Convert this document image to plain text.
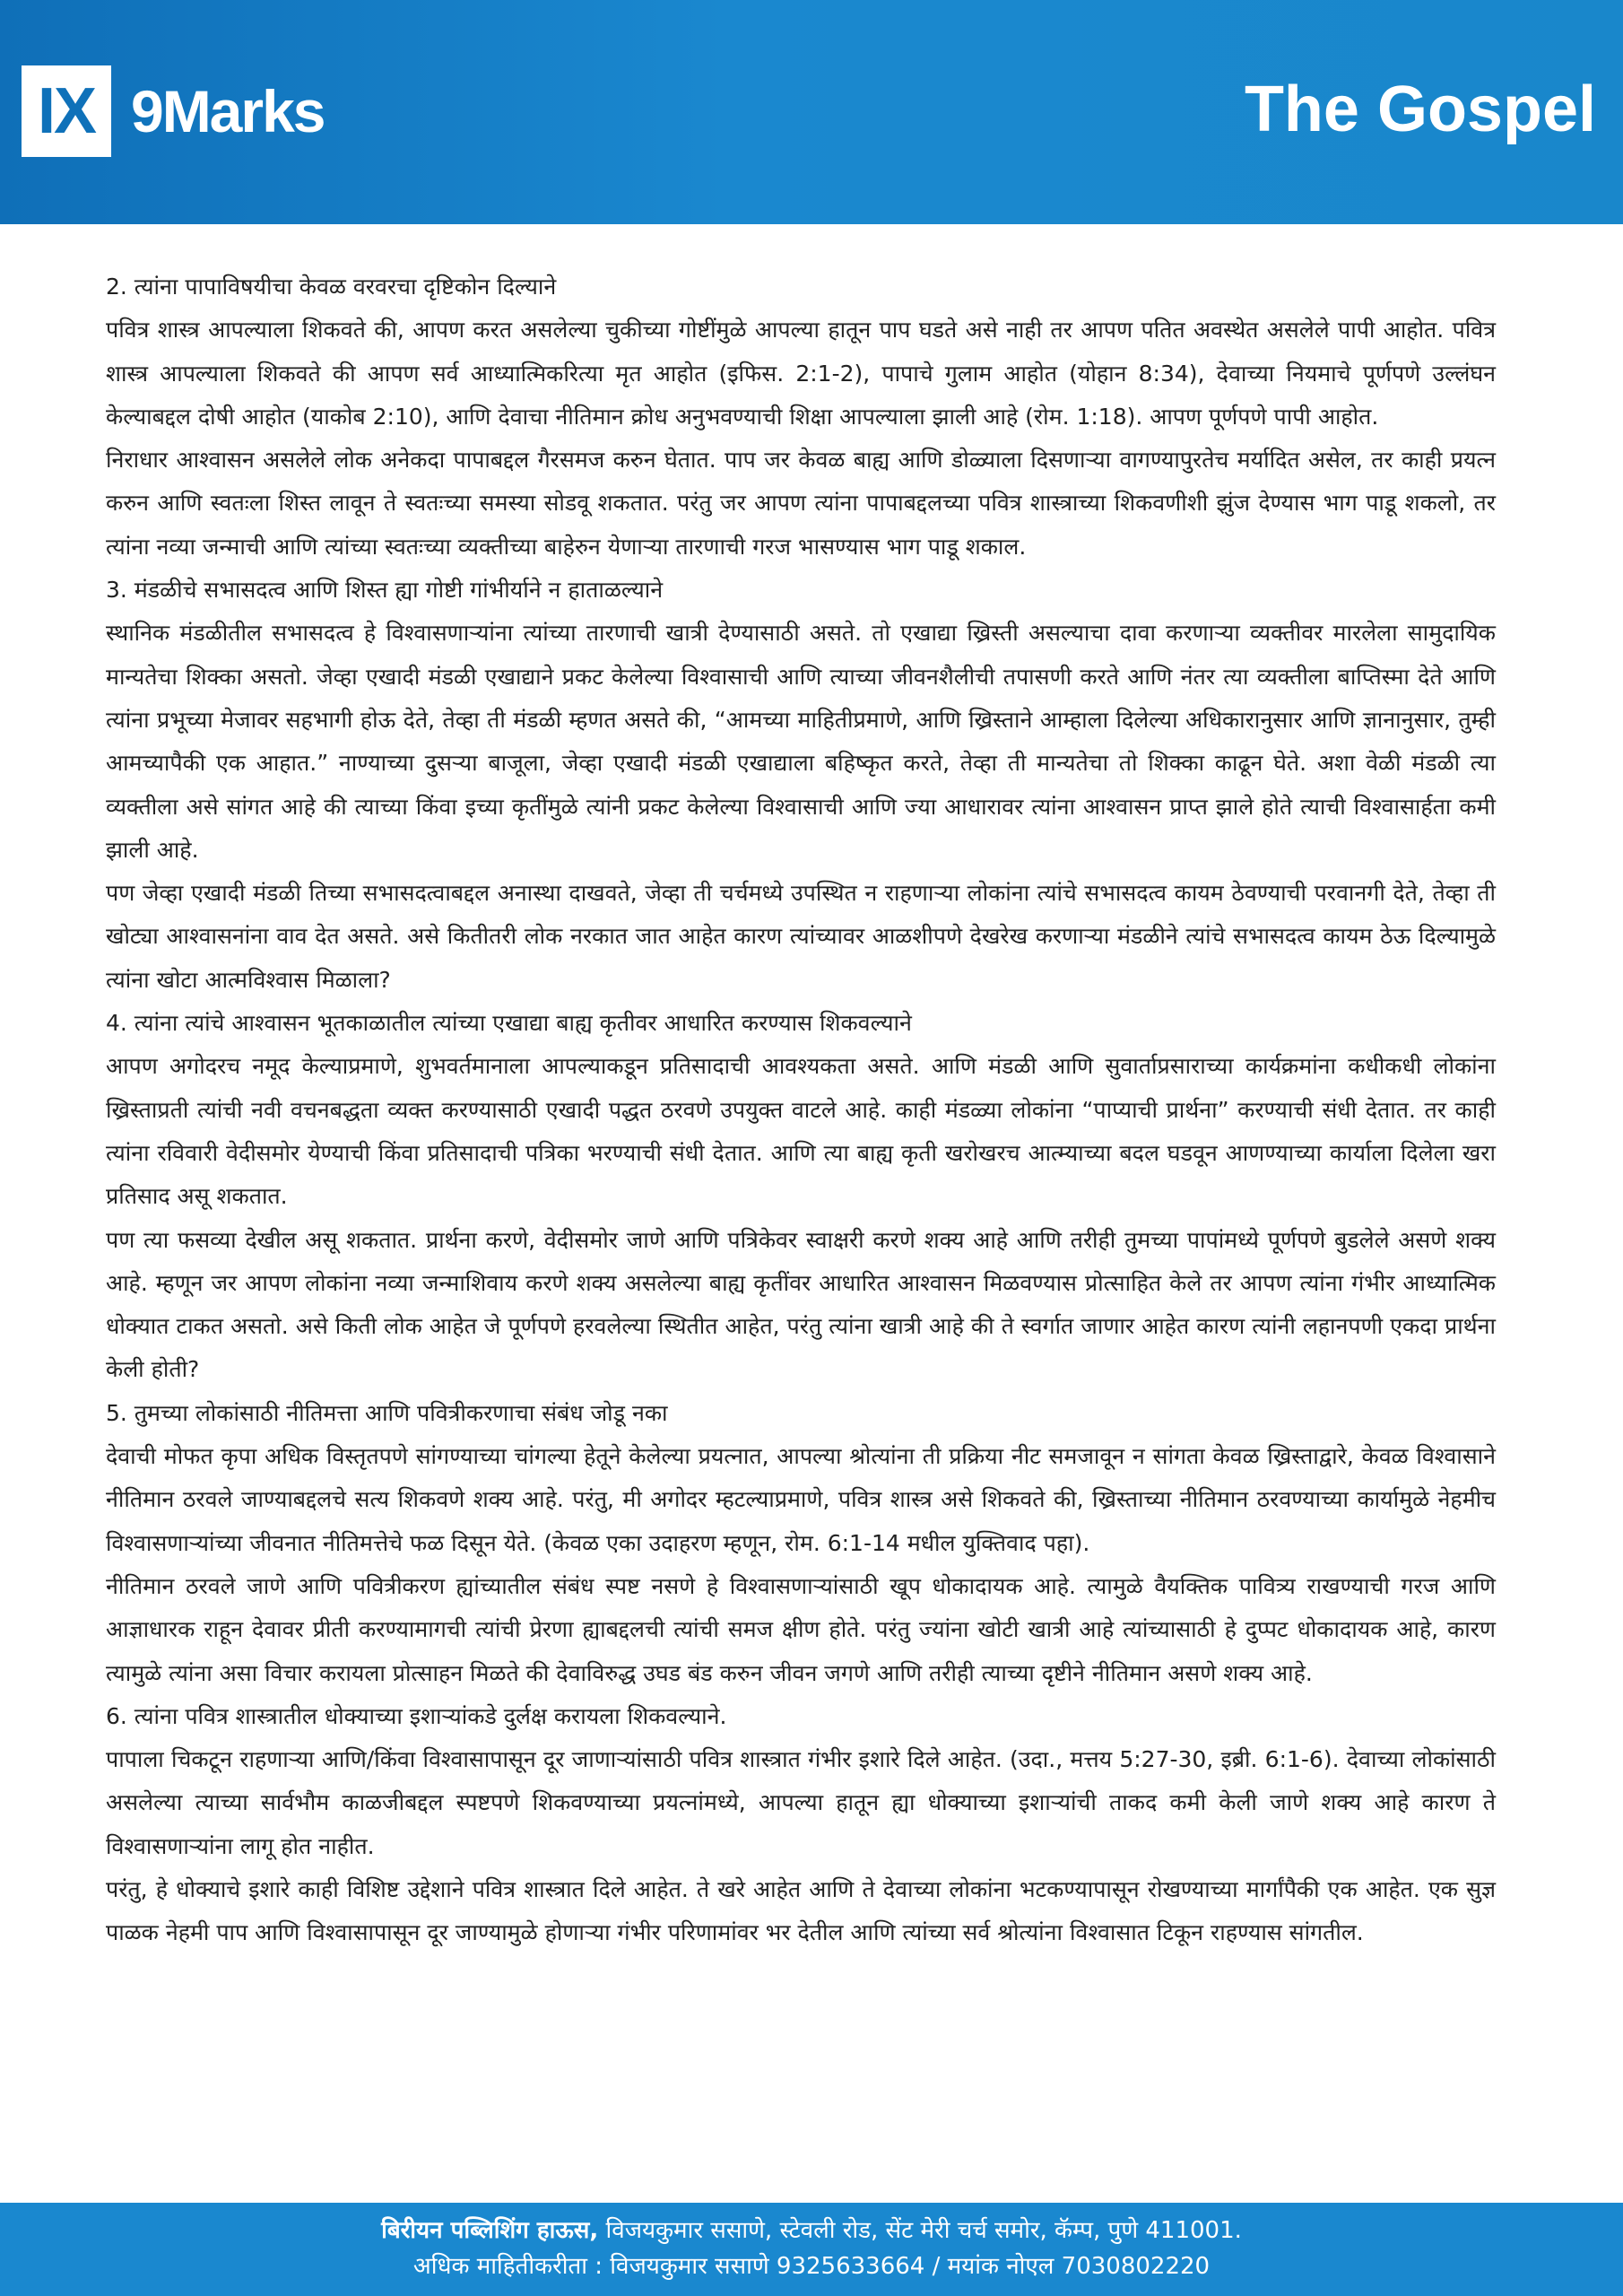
IX 9Marks	The Gospel
2. त्यांना पापाविषयीचा केवळ वरवरचा दृष्टिकोन दिल्याने

पवित्र शास्त्र आपल्याला शिकवते की, आपण करत असलेल्या चुकीच्या गोष्टींमुळे आपल्या हातून पाप घडते असे नाही तर आपण पतित अवस्थेत असलेले पापी आहोत. पवित्र शास्त्र आपल्याला शिकवते की आपण सर्व आध्यात्मिकरित्या मृत आहोत (इफिस. 2:1-2), पापाचे गुलाम आहोत (योहान 8:34), देवाच्या नियमाचे पूर्णपणे उल्लंघन केल्याबद्दल दोषी आहोत (याकोब 2:10), आणि देवाचा नीतिमान क्रोध अनुभवण्याची शिक्षा आपल्याला झाली आहे (रोम. 1:18). आपण पूर्णपणे पापी आहोत.

निराधार आश्वासन असलेले लोक अनेकदा पापाबद्दल गैरसमज करुन घेतात. पाप जर केवळ बाह्य आणि डोळ्याला दिसणाऱ्या वागण्यापुरतेच मर्यादित असेल, तर काही प्रयत्न करुन आणि स्वतःला शिस्त लावून ते स्वतःच्या समस्या सोडवू शकतात. परंतु जर आपण त्यांना पापाबद्दलच्या पवित्र शास्त्राच्या शिकवणीशी झुंज देण्यास भाग पाडू शकलो, तर त्यांना नव्या जन्माची आणि त्यांच्या स्वतःच्या व्यक्तीच्या बाहेरुन येणाऱ्या तारणाची गरज भासण्यास भाग पाडू शकाल.

3. मंडळीचे सभासदत्व आणि शिस्त ह्या गोष्टी गांभीर्याने न हाताळल्याने

स्थानिक मंडळीतील सभासदत्व हे विश्वासणाऱ्यांना त्यांच्या तारणाची खात्री देण्यासाठी असते. तो एखाद्या ख्रिस्ती असल्याचा दावा करणाऱ्या व्यक्तीवर मारलेला सामुदायिक मान्यतेचा शिक्का असतो. जेव्हा एखादी मंडळी एखाद्याने प्रकट केलेल्या विश्वासाची आणि त्याच्या जीवनशैलीची तपासणी करते आणि नंतर त्या व्यक्तीला बाप्तिस्मा देते आणि त्यांना प्रभूच्या मेजावर सहभागी होऊ देते, तेव्हा ती मंडळी म्हणत असते की, “आमच्या माहितीप्रमाणे, आणि ख्रिस्ताने आम्हाला दिलेल्या अधिकारानुसार आणि ज्ञानानुसार, तुम्ही आमच्यापैकी एक आहात.” नाण्याच्या दुसऱ्या बाजूला, जेव्हा एखादी मंडळी एखाद्याला बहिष्कृत करते, तेव्हा ती मान्यतेचा तो शिक्का काढून घेते. अशा वेळी मंडळी त्या व्यक्तीला असे सांगत आहे की त्याच्या किंवा इच्या कृतींमुळे त्यांनी प्रकट केलेल्या विश्वासाची आणि ज्या आधारावर त्यांना आश्वासन प्राप्त झाले होते त्याची विश्वासार्हता कमी झाली आहे.

पण जेव्हा एखादी मंडळी तिच्या सभासदत्वाबद्दल अनास्था दाखवते, जेव्हा ती चर्चमध्ये उपस्थित न राहणाऱ्या लोकांना त्यांचे सभासदत्व कायम ठेवण्याची परवानगी देते, तेव्हा ती खोट्या आश्वासनांना वाव देत असते. असे कितीतरी लोक नरकात जात आहेत कारण त्यांच्यावर आळशीपणे देखरेख करणाऱ्या मंडळीने त्यांचे सभासदत्व कायम ठेऊ दिल्यामुळे त्यांना खोटा आत्मविश्वास मिळाला?

4. त्यांना त्यांचे आश्वासन भूतकाळातील त्यांच्या एखाद्या बाह्य कृतीवर आधारित करण्यास शिकवल्याने

आपण अगोदरच नमूद केल्याप्रमाणे, शुभवर्तमानाला आपल्याकडून प्रतिसादाची आवश्यकता असते. आणि मंडळी आणि सुवार्ताप्रसाराच्या कार्यक्रमांना कधीकधी लोकांना ख्रिस्ताप्रती त्यांची नवी वचनबद्धता व्यक्त करण्यासाठी एखादी पद्धत ठरवणे उपयुक्त वाटले आहे. काही मंडळ्या लोकांना “पाप्याची प्रार्थना” करण्याची संधी देतात. तर काही त्यांना रविवारी वेदीसमोर येण्याची किंवा प्रतिसादाची पत्रिका भरण्याची संधी देतात. आणि त्या बाह्य कृती खरोखरच आत्म्याच्या बदल घडवून आणण्याच्या कार्याला दिलेला खरा प्रतिसाद असू शकतात.

पण त्या फसव्या देखील असू शकतात. प्रार्थना करणे, वेदीसमोर जाणे आणि पत्रिकेवर स्वाक्षरी करणे शक्य आहे आणि तरीही तुमच्या पापांमध्ये पूर्णपणे बुडलेले असणे शक्य आहे. म्हणून जर आपण लोकांना नव्या जन्माशिवाय करणे शक्य असलेल्या बाह्य कृतींवर आधारित आश्वासन मिळवण्यास प्रोत्साहित केले तर आपण त्यांना गंभीर आध्यात्मिक धोक्यात टाकत असतो. असे किती लोक आहेत जे पूर्णपणे हरवलेल्या स्थितीत आहेत, परंतु त्यांना खात्री आहे की ते स्वर्गात जाणार आहेत कारण त्यांनी लहानपणी एकदा प्रार्थना केली होती?

5. तुमच्या लोकांसाठी नीतिमत्ता आणि पवित्रीकरणाचा संबंध जोडू नका

देवाची मोफत कृपा अधिक विस्तृतपणे सांगण्याच्या चांगल्या हेतूने केलेल्या प्रयत्नात, आपल्या श्रोत्यांना ती प्रक्रिया नीट समजावून न सांगता केवळ ख्रिस्ताद्वारे, केवळ विश्वासाने नीतिमान ठरवले जाण्याबद्दलचे सत्य शिकवणे शक्य आहे. परंतु, मी अगोदर म्हटल्याप्रमाणे, पवित्र शास्त्र असे शिकवते की, ख्रिस्ताच्या नीतिमान ठरवण्याच्या कार्यामुळे नेहमीच विश्वासणाऱ्यांच्या जीवनात नीतिमत्तेचे फळ दिसून येते. (केवळ एका उदाहरण म्हणून, रोम. 6:1-14 मधील युक्तिवाद पहा).

नीतिमान ठरवले जाणे आणि पवित्रीकरण ह्यांच्यातील संबंध स्पष्ट नसणे हे विश्वासणाऱ्यांसाठी खूप धोकादायक आहे. त्यामुळे वैयक्तिक पावित्र्य राखण्याची गरज आणि आज्ञाधारक राहून देवावर प्रीती करण्यामागची त्यांची प्रेरणा ह्याबद्दलची त्यांची समज क्षीण होते. परंतु ज्यांना खोटी खात्री आहे त्यांच्यासाठी हे दुप्पट धोकादायक आहे, कारण त्यामुळे त्यांना असा विचार करायला प्रोत्साहन मिळते की देवाविरुद्ध उघड बंड करुन जीवन जगणे आणि तरीही त्याच्या दृष्टीने नीतिमान असणे शक्य आहे.

6. त्यांना पवित्र शास्त्रातील धोक्याच्या इशाऱ्यांकडे दुर्लक्ष करायला शिकवल्याने.

पापाला चिकटून राहणाऱ्या आणि/किंवा विश्वासापासून दूर जाणाऱ्यांसाठी पवित्र शास्त्रात गंभीर इशारे दिले आहेत. (उदा., मत्तय 5:27-30, इब्री. 6:1-6). देवाच्या लोकांसाठी असलेल्या त्याच्या सार्वभौम काळजीबद्दल स्पष्टपणे शिकवण्याच्या प्रयत्नांमध्ये, आपल्या हातून ह्या धोक्याच्या इशाऱ्यांची ताकद कमी केली जाणे शक्य आहे कारण ते विश्वासणाऱ्यांना लागू होत नाहीत.

परंतु, हे धोक्याचे इशारे काही विशिष्ट उद्देशाने पवित्र शास्त्रात दिले आहेत. ते खरे आहेत आणि ते देवाच्या लोकांना भटकण्यापासून रोखण्याच्या मार्गांपैकी एक आहेत. एक सुज्ञ पाळक नेहमी पाप आणि विश्वासापासून दूर जाण्यामुळे होणाऱ्या गंभीर परिणामांवर भर देतील आणि त्यांच्या सर्व श्रोत्यांना विश्वासात टिकून राहण्यास सांगतील.

बिरीयन पब्लिशिंग हाऊस, विजयकुमार ससाणे, स्टेवली रोड, सेंट मेरी चर्च समोर, कॅम्प, पुणे 411001.
अधिक माहितीकरीता : विजयकुमार ससाणे 9325633664 / मयांक नोएल 7030802220
